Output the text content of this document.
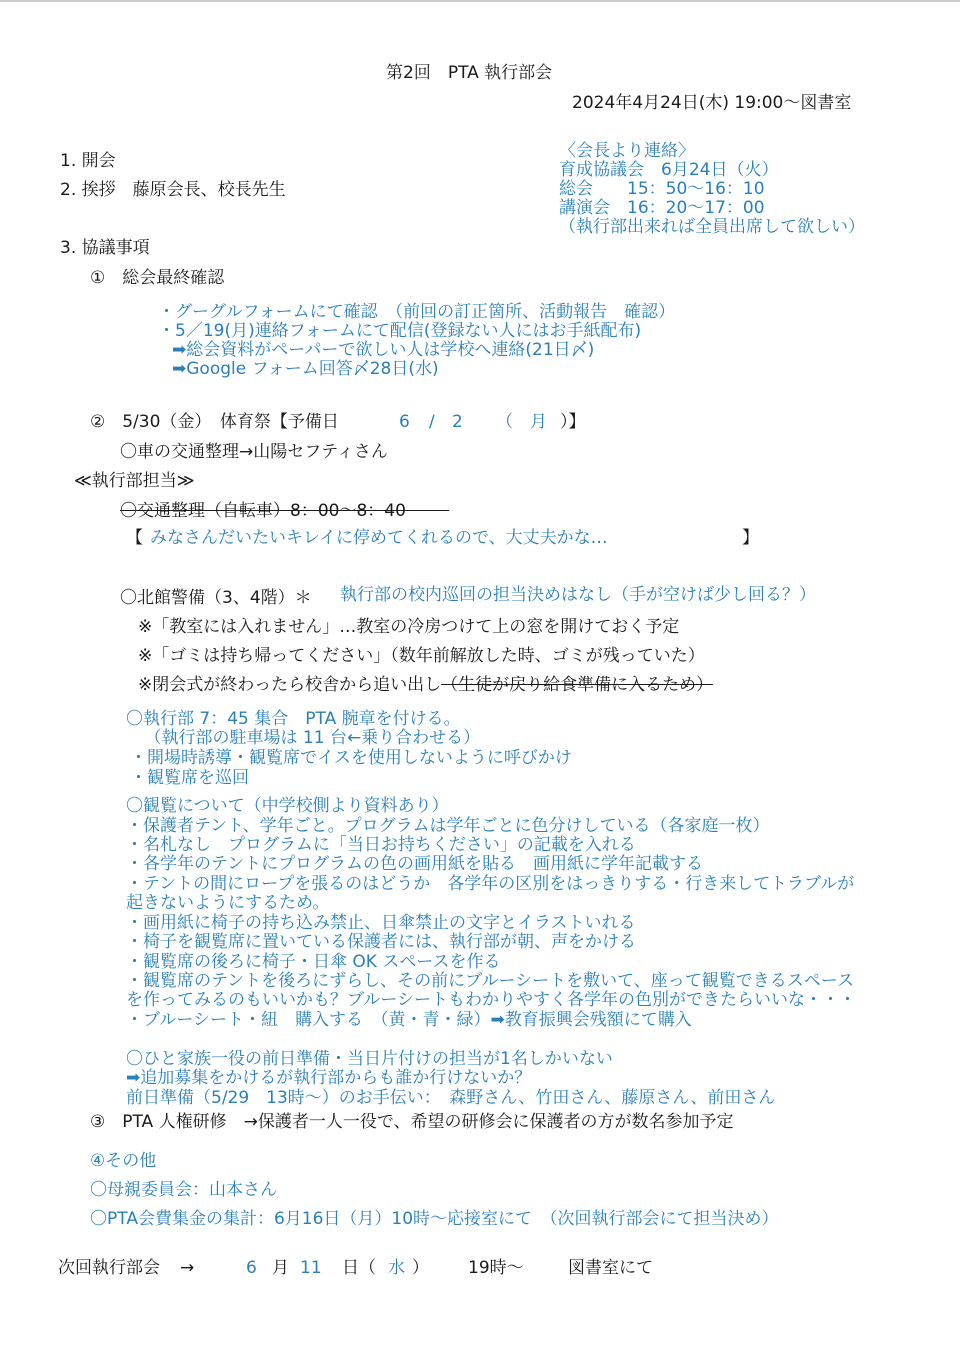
第2回　PTA 執行部会
2024年4月24日(木) 19:00～図書室
1. 開会
2. 挨拶　藤原会長、校長先生
3. 協議事項
〈会長より連絡〉
育成協議会　6月24日（火）
総会　　15：50～16：10
講演会　16：20～17：00
（執行部出来れば全員出席して欲しい）
①　総会最終確認
・グーグルフォームにて確認　（前回の訂正箇所、活動報告　確認）
・5／19(月)連絡フォームにて配信(登録ない人にはお手紙配布)
➡総会資料がペーパーで欲しい人は学校へ連絡(21日〆)
➡Google フォーム回答〆28日(水)
②　5/30（金）　体育祭【予備日	6 / 2 （　月　
）】
〇車の交通整理→山陽セフティさん
≪執行部担当≫
〇交通整理（自転車）8：00～8：40
【 みなさんだいたいキレイに停めてくれるので、大丈夫かな…	】
〇北館警備（3、4階）＊ 執行部の校内巡回の担当決めはなし（手が空けば少し回る？）
※「教室には入れません」…教室の冷房つけて上の窓を開けておく予定
※「ゴミは持ち帰ってください」（数年前解放した時、ゴミが残っていた）
※閉会式が終わったら校舎から追い出し（生徒が戻り給食準備に入るため）
〇執行部 7：45 集合　PTA 腕章を付ける。
　（執行部の駐車場は 11 台←乗り合わせる）
・開場時誘導・観覧席でイスを使用しないように呼びかけ
・観覧席を巡回
〇観覧について（中学校側より資料あり）
・保護者テント、学年ごと。プログラムは学年ごとに色分けしている（各家庭一枚）
・名札なし　プログラムに「当日お持ちください」の記載を入れる
・各学年のテントにプログラムの色の画用紙を貼る　画用紙に学年記載する
・テントの間にロープを張るのはどうか　各学年の区別をはっきりする・行き来してトラブルが
起きないようにするため。
・画用紙に椅子の持ち込み禁止、日傘禁止の文字とイラストいれる
・椅子を観覧席に置いている保護者には、執行部が朝、声をかける
・観覧席の後ろに椅子・日傘 OK スペースを作る
・観覧席のテントを後ろにずらし、その前にブルーシートを敷いて、座って観覧できるスペース
を作ってみるのもいいかも？ブルーシートもわかりやすく各学年の色別ができたらいいな・・・
・ブルーシート・紐　購入する　（黄・青・緑）➡教育振興会残額にて購入
〇ひと家族一役の前日準備・当日片付けの担当が1名しかいない
➡追加募集をかけるが執行部からも誰か行けないか？
前日準備（5/29　13時～）のお手伝い：　森野さん、竹田さん、藤原さん、前田さん
③　PTA 人権研修　→保護者一人一役で、希望の研修会に保護者の方が数名参加予定
④その他
〇母親委員会：山本さん
〇PTA会費集金の集計：6月16日（月）10時～応接室にて　（次回執行部会にて担当決め）
次回執行部会 →	6 月 11 日（ 水 ） 19時～	図書室にて
